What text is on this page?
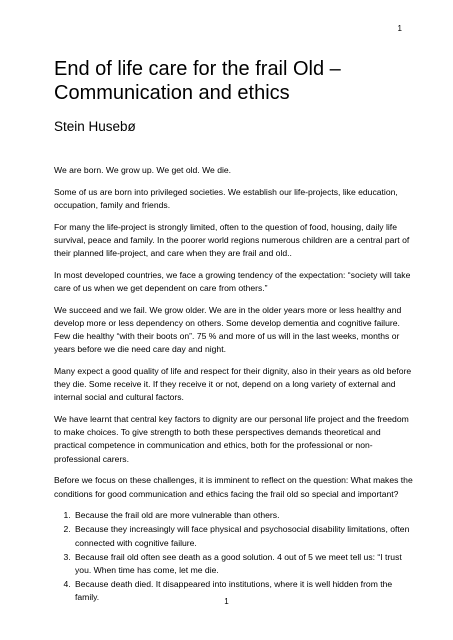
1
End of life care for the frail Old – Communication and ethics
Stein Husebø

We are born. We grow up. We get old. We die.

Some of us are born into privileged societies. We establish our life-projects, like education, occupation, family and friends.

For many the life-project is strongly limited, often to the question of food, housing, daily life survival, peace and family. In the poorer world regions numerous children are a central part of their planned life-project, and care when they are frail and old..

In most developed countries, we face a growing tendency of the expectation: “society will take care of us when we get dependent on care from others.”

We succeed and we fail. We grow older. We are in the older years more or less healthy and develop more or less dependency on others. Some develop dementia and cognitive failure. Few die healthy “with their boots on”. 75 % and more of us will in the last weeks, months or years before we die need care day and night.

Many expect a good quality of life and respect for their dignity, also in their years as old before they die. Some receive it. If they receive it or not, depend on a long variety of external and internal social and cultural factors.

We have learnt that central key factors to dignity are our personal life project and the freedom to make choices. To give strength to both these perspectives demands theoretical and practical competence in communication and ethics, both for the professional or non-professional carers.

Before we focus on these challenges, it is imminent to reflect on the question: What makes the conditions for good communication and ethics facing the frail old so special and important?

1. Because the frail old are more vulnerable than others.
2. Because they increasingly will face physical and psychosocial disability limitations, often connected with cognitive failure.
3. Because frail old often see death as a good solution. 4 out of 5 we meet tell us: “I trust you. When time has come, let me die.
4. Because death died. It disappeared into institutions, where it is well hidden from the family.	1
